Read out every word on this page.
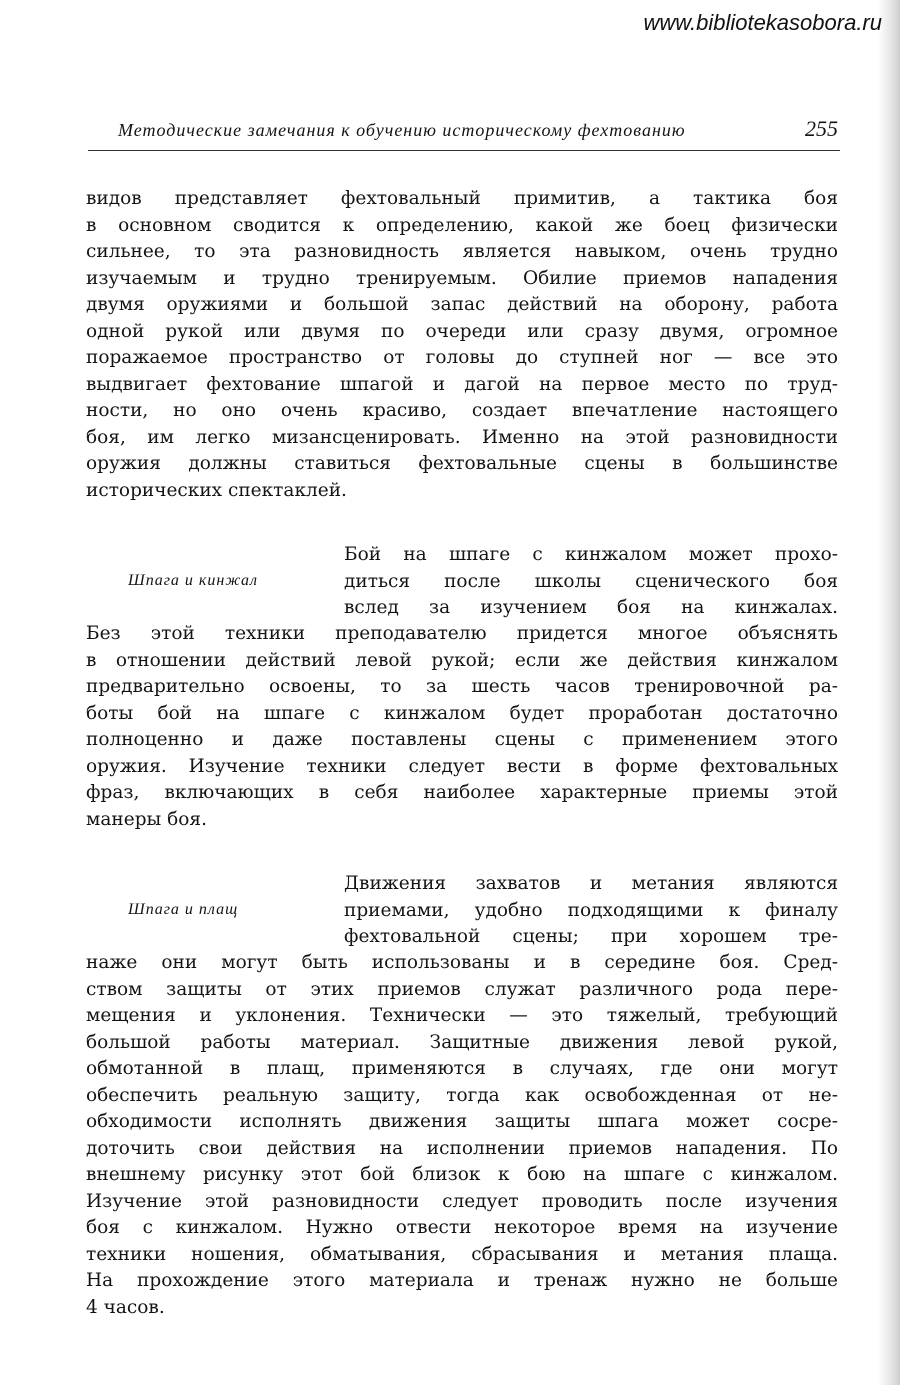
www.bibliotekasobora.ru
Методические замечания к обучению историческому фехтованию	255
видов представляет фехтовальный примитив, а тактика боя
в основном сводится к определению, какой же боец физически
сильнее, то эта разновидность является навыком, очень трудно
изучаемым и трудно тренируемым. Обилие приемов нападения
двумя оружиями и большой запас действий на оборону, работа
одной рукой или двумя по очереди или сразу двумя, огромное
поражаемое пространство от головы до ступней ног — все это
выдвигает фехтование шпагой и дагой на первое место по труд-
ности, но оно очень красиво, создает впечатление настоящего
боя, им легко мизансценировать. Именно на этой разновидности
оружия должны ставиться фехтовальные сцены в большинстве
исторических спектаклей.
Шпага и кинжал
Бой на шпаге с кинжалом может прохо-
диться после школы сценического боя
вслед за изучением боя на кинжалах.
Без этой техники преподавателю придется многое объяснять
в отношении действий левой рукой; если же действия кинжалом
предварительно освоены, то за шесть часов тренировочной ра-
боты бой на шпаге с кинжалом будет проработан достаточно
полноценно и даже поставлены сцены с применением этого
оружия. Изучение техники следует вести в форме фехтовальных
фраз, включающих в себя наиболее характерные приемы этой
манеры боя.
Шпага и плащ
Движения захватов и метания являются
приемами, удобно подходящими к финалу
фехтовальной сцены; при хорошем тре-
наже они могут быть использованы и в середине боя. Сред-
ством защиты от этих приемов служат различного рода пере-
мещения и уклонения. Технически — это тяжелый, требующий
большой работы материал. Защитные движения левой рукой,
обмотанной в плащ, применяются в случаях, где они могут
обеспечить реальную защиту, тогда как освобожденная от не-
обходимости исполнять движения защиты шпага может сосре-
доточить свои действия на исполнении приемов нападения. По
внешнему рисунку этот бой близок к бою на шпаге с кинжалом.
Изучение этой разновидности следует проводить после изучения
боя с кинжалом. Нужно отвести некоторое время на изучение
техники ношения, обматывания, сбрасывания и метания плаща.
На прохождение этого материала и тренаж нужно не больше
4 часов.
